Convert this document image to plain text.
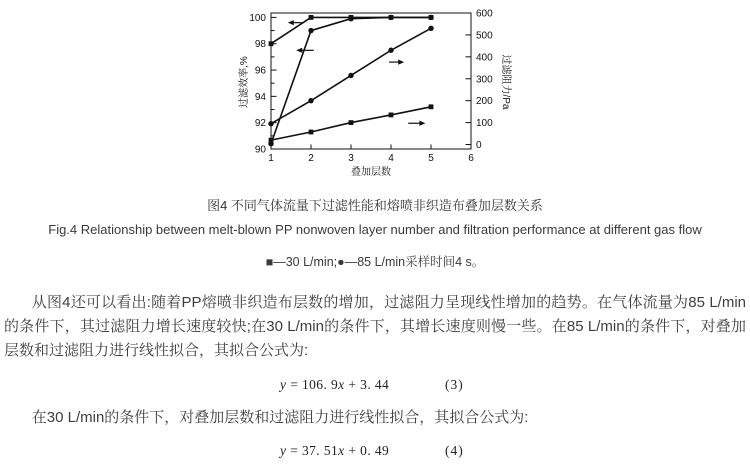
1	2	3	4	5	6
叠加层数
90
92
94
96
98
100
0
100
200
300
400
500
600
过滤效率,%	过滤阻力/Pa
图4 不同气体流量下过滤性能和熔喷非织造布叠加层数关系
Fig.4 Relationship between melt-blown PP nonwoven layer number and filtration performance at different gas flow
■—30 L/min;●—85 L/min采样时间4 s。

从图4还可以看出:随着PP熔喷非织造布层数的增加，过滤阻力呈现线性增加的趋势。在气体流量为85 L/min的条件下，其过滤阻力增长速度较快;在30 L/min的条件下，其增长速度则慢一些。在85 L/min的条件下，对叠加层数和过滤阻力进行线性拟合，其拟合公式为:

y = 106. 9x + 3. 44	(3)

在30 L/min的条件下，对叠加层数和过滤阻力进行线性拟合，其拟合公式为:

y = 37. 51x + 0. 49	(4)
